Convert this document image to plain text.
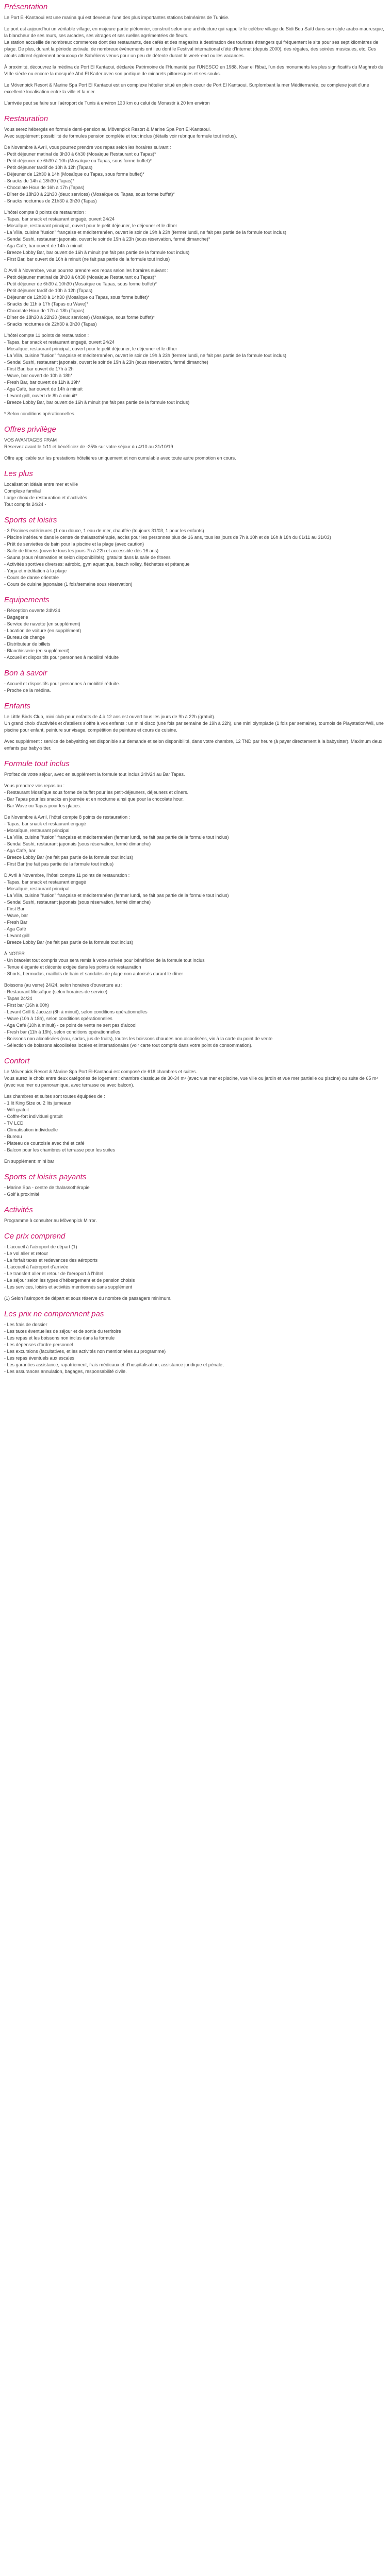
Présentation

Le Port El-Kantaoui est une marina qui est devenue l'une des plus importantes stations balnéaires de Tunisie.

Le port est aujourd'hui un véritable village, en majeure partie piétonnier, construit selon une architecture qui rappelle le célèbre village de Sidi Bou Saïd dans son style arabo-mauresque, la blancheur de ses murs, ses arcades, ses vitrages et ses ruelles agrémentées de fleurs.

La station accueille de nombreux commerces dont des restaurants, des cafés et des magasins à destination des touristes étrangers qui fréquentent le site pour ses sept kilomètres de plage. De plus, durant la période estivale, de nombreux événements ont lieu dont le Festival international d'été d'Internet (depuis 2000), des régates, des soirées musicales, etc. Ces atouts attirent également beaucoup de Sahéliens venus pour un peu de détente durant le week-end ou les vacances.

À proximité, découvrez la médina de Port El Kantaoui, déclarée Patrimoine de l'Humanité par l'UNESCO en 1988, Ksar el Ribat, l'un des monuments les plus significatifs du Maghreb du VIIIe siècle ou encore la mosquée Abd El Kader avec son portique de minarets pittoresques et ses souks.

Le Mövenpick Resort & Marine Spa Port El Kantaoui est un complexe hôtelier situé en plein coeur de Port El Kantaoui. Surplombant la mer Méditerranée, ce complexe jouit d'une excellente localisation entre la ville et la mer.

L'arrivée peut se faire sur l'aéroport de Tunis à environ 130 km ou celui de Monastir à 20 km environ

Restauration

Vous serez hébergés en formule demi-pension au Mövenpick Resort & Marine Spa Port El-Kantaoui.

Avec supplément possibilité de formules pension complète et tout inclus (détails voir rubrique formule tout inclus).

De Novembre à Avril, vous pourrez prendre vos repas selon les horaires suivant :

- Petit déjeuner matinal de 3h30 à 6h30 (Mosaïque Restaurant ou Tapas)*

- Petit déjeuner de 6h30 à 10h (Mosaïque ou Tapas, sous forme buffet)*

- Petit déjeuner tardif de 10h à 12h (Tapas)

- Déjeuner de 12h30 à 14h (Mosaïque ou Tapas, sous forme buffet)*

- Snacks de 14h à 18h30 (Tapas)*

- Chocolate Hour de 16h à 17h (Tapas)

- Dîner de 18h30 à 21h30 (deux services) (Mosaïque ou Tapas, sous forme buffet)*

- Snacks nocturnes de 21h30 à 3h30 (Tapas)

L'hôtel compte 8 points de restauration :

- Tapas, bar snack et restaurant engagé, ouvert 24/24

- Mosaïque, restaurant principal, ouvert pour le petit déjeuner, le déjeuner et le dîner

- La Villa, cuisine "fusion" française et méditerranéen, ouvert le soir de 19h à 23h (fermer lundi, ne fait pas partie de la formule tout inclus)

- Sendai Sushi, restaurant japonais, ouvert le soir de 19h à 23h (sous réservation, fermé dimanche)*

- Aga Café, bar ouvert de 14h à minuit

- Breeze Lobby Bar, bar ouvert de 16h à minuit (ne fait pas partie de la formule tout inclus)

- First Bar, bar ouvert de 16h à minuit (ne fait pas partie de la formule tout inclus)

D'Avril à Novembre, vous pourrez prendre vos repas selon les horaires suivant :

- Petit déjeuner matinal de 3h30 à 6h30 (Mosaïque Restaurant ou Tapas)*

- Petit déjeuner de 6h30 à 10h30 (Mosaïque ou Tapas, sous forme buffet)*

- Petit déjeuner tardif de 10h à 12h (Tapas)

- Déjeuner de 12h30 à 14h30 (Mosaïque ou Tapas, sous forme buffet)*

- Snacks de 11h à 17h (Tapas ou Wave)*

- Chocolate Hour de 17h à 18h (Tapas)

- Dîner de 18h30 à 22h30 (deux services) (Mosaïque, sous forme buffet)*

- Snacks nocturnes de 22h30 à 3h30 (Tapas)

L'hôtel compte 11 points de restauration :

- Tapas, bar snack et restaurant engagé, ouvert 24/24

- Mosaïque, restaurant principal, ouvert pour le petit déjeuner, le déjeuner et le dîner

- La Villa, cuisine "fusion" française et méditerranéen, ouvert le soir de 19h à 23h (fermer lundi, ne fait pas partie de la formule tout inclus)

- Sendai Sushi, restaurant japonais, ouvert le soir de 19h à 23h (sous réservation, fermé dimanche)

- First Bar, bar ouvert de 17h à 2h

- Wave, bar ouvert de 10h à 18h*

- Fresh Bar, bar ouvert de 11h à 19h*

- Aga Café, bar ouvert de 14h à minuit

- Levant grill, ouvert de 8h à minuit*

- Breeze Lobby Bar, bar ouvert de 16h à minuit (ne fait pas partie de la formule tout inclus)

* Selon conditions opérationnelles.

Offres privilège

VOS AVANTAGES FRAM

Réservez avant le 1/11 et bénéficiez de -25% sur votre séjour du 4/10 au 31/10/19

Offre applicable sur les prestations hôtelières uniquement et non cumulable avec toute autre promotion en cours.

Les plus

Localisation idéale entre mer et ville

Complexe familial

Large choix de restauration et d'activités

Tout compris 24/24 -

Sports et loisirs

- 3 Piscines extérieures (1 eau douce, 1 eau de mer, chauffée (toujours 31/03, 1 pour les enfants)

- Piscine intérieure dans le centre de thalassothérapie, accès pour les personnes plus de 16 ans, tous les jours de 7h à 10h et de 16h à 18h du 01/11 au 31/03)

- Prêt de serviettes de bain pour la piscine et la plage (avec caution)

- Salle de fitness (ouverte tous les jours 7h à 22h et accessible dès 16 ans)

- Sauna (sous réservation et selon disponibilités), gratuite dans la salle de fitness

- Activités sportives diverses: aérobic, gym aquatique, beach volley, fléchettes et pétanque

- Yoga et méditation à la plage

- Cours de danse orientale

- Cours de cuisine japonaise (1 fois/semaine sous réservation)

Equipements

- Réception ouverte 24h/24

- Bagagerie

- Service de navette (en supplément)

- Location de voiture (en supplément)

- Bureau de change

- Distributeur de billets

- Blanchisserie (en supplément)

- Accueil et dispositifs pour personnes à mobilité réduite

Bon à savoir

- Accueil et dispositifs pour personnes à mobilité réduite.

- Proche de la médina.

Enfants

Le Little Birds Club, mini club pour enfants de 4 à 12 ans est ouvert tous les jours de 9h à 22h (gratuit).

Un grand choix d'activités et d'ateliers s'offre à vos enfants : un mini disco (une fois par semaine de 19h à 22h), une mini olympiade (1 fois par semaine), tournois de Playstation/Wii, une piscine pour enfant, peinture sur visage, compétition de peinture et cours de cuisine.

Avec supplément : service de babysitting est disponible sur demande et selon disponibilité, dans votre chambre, 12 TND par heure (à payer directement à la babysitter). Maximum deux enfants par baby-sitter.

Formule tout inclus

Profitez de votre séjour, avec en supplément la formule tout inclus 24h/24 au Bar Tapas.

Vous prendrez vos repas au :

- Restaurant Mosaïque sous forme de buffet pour les petit-déjeuners, déjeuners et dîners.

- Bar Tapas pour les snacks en journée et en nocturne ainsi que pour la chocolate hour.

- Bar Wave ou Tapas pour les glaces.

De Novembre à Avril, l'hôtel compte 8 points de restauration :

- Tapas, bar snack et restaurant engagé

- Mosaïque, restaurant principal

- La Villa, cuisine "fusion" française et méditerranéen (fermer lundi, ne fait pas partie de la formule tout inclus)

- Sendai Sushi, restaurant japonais (sous réservation, fermé dimanche)

- Aga Café, bar

- Breeze Lobby Bar (ne fait pas partie de la formule tout inclus)

- First Bar (ne fait pas partie de la formule tout inclus)

D'Avril à Novembre, l'hôtel compte 11 points de restauration :

- Tapas, bar snack et restaurant engagé

- Mosaïque, restaurant principal

- La Villa, cuisine "fusion" française et méditerranéen (fermer lundi, ne fait pas partie de la formule tout inclus)

- Sendai Sushi, restaurant japonais (sous réservation, fermé dimanche)

- First Bar

- Wave, bar

- Fresh Bar

- Aga Café

- Levant grill

- Breeze Lobby Bar (ne fait pas partie de la formule tout inclus)

À NOTER

- Un bracelet tout compris vous sera remis à votre arrivée pour bénéficier de la formule tout inclus

- Tenue élégante et décente exigée dans les points de restauration

- Shorts, bermudas, maillots de bain et sandales de plage non autorisés durant le dîner

Boissons (au verre) 24/24, selon horaires d'ouverture au :

- Restaurant Mosaïque (selon horaires de service)

- Tapas 24/24

- First bar (16h à 00h)

- Levant Grill & Jacuzzi (8h à minuit), selon conditions opérationnelles

- Wave (10h à 18h), selon conditions opérationnelles

- Aga Café (10h à minuit) - ce point de vente ne sert pas d'alcool

- Fresh bar (11h à 19h), selon conditions opérationnelles

- Boissons non alcoolisées (eau, sodas, jus de fruits), toutes les boissons chaudes non alcoolisées, vin à la carte du point de vente

- Sélection de boissons alcoolisées locales et internationales (voir carte tout compris dans votre point de consommation).

Confort

Le Mövenpick Resort & Marine Spa Port El-Kantaoui est composé de 618 chambres et suites.

Vous aurez le choix entre deux catégories de logement : chambre classique de 30-34 m² (avec vue mer et piscine, vue ville ou jardin et vue mer partielle ou piscine) ou suite de 65 m² (avec vue mer ou panoramique, avec terrasse ou avec balcon).

Les chambres et suites sont toutes équipées de :

- 1 lit King Size ou 2 lits jumeaux

- Wifi gratuit

- Coffre-fort individuel gratuit

- TV LCD

- Climatisation individuelle

- Bureau

- Plateau de courtoisie avec thé et café

- Balcon pour les chambres et terrasse pour les suites

En supplément: mini bar

Sports et loisirs payants

- Marine Spa - centre de thalassothérapie

- Golf à proximité

Activités

Programme à consulter au Mövenpick Mirror.

Ce prix comprend

- L'accueil à l'aéroport de départ (1)

- Le vol aller et retour

- La forfait taxes et redevances des aéroports

- L'accueil à l'aéroport d'arrivée

- Le transfert aller et retour de l'aéroport à l'hôtel

- Le séjour selon les types d'hébergement et de pension choisis

- Les services, loisirs et activités mentionnés sans supplément

(1) Selon l'aéroport de départ et sous réserve du nombre de passagers minimum.

Les prix ne comprennent pas

- Les frais de dossier

- Les taxes éventuelles de séjour et de sortie du territoire

- Les repas et les boissons non inclus dans la formule

- Les dépenses d'ordre personnel

- Les excursions (facultatives, et les activités non mentionnées au programme)

- Les repas éventuels aux escales

- Les garanties assistance, rapatriement, frais médicaux et d'hospitalisation, assistance juridique et pénale,

- Les assurances annulation, bagages, responsabilité civile.
